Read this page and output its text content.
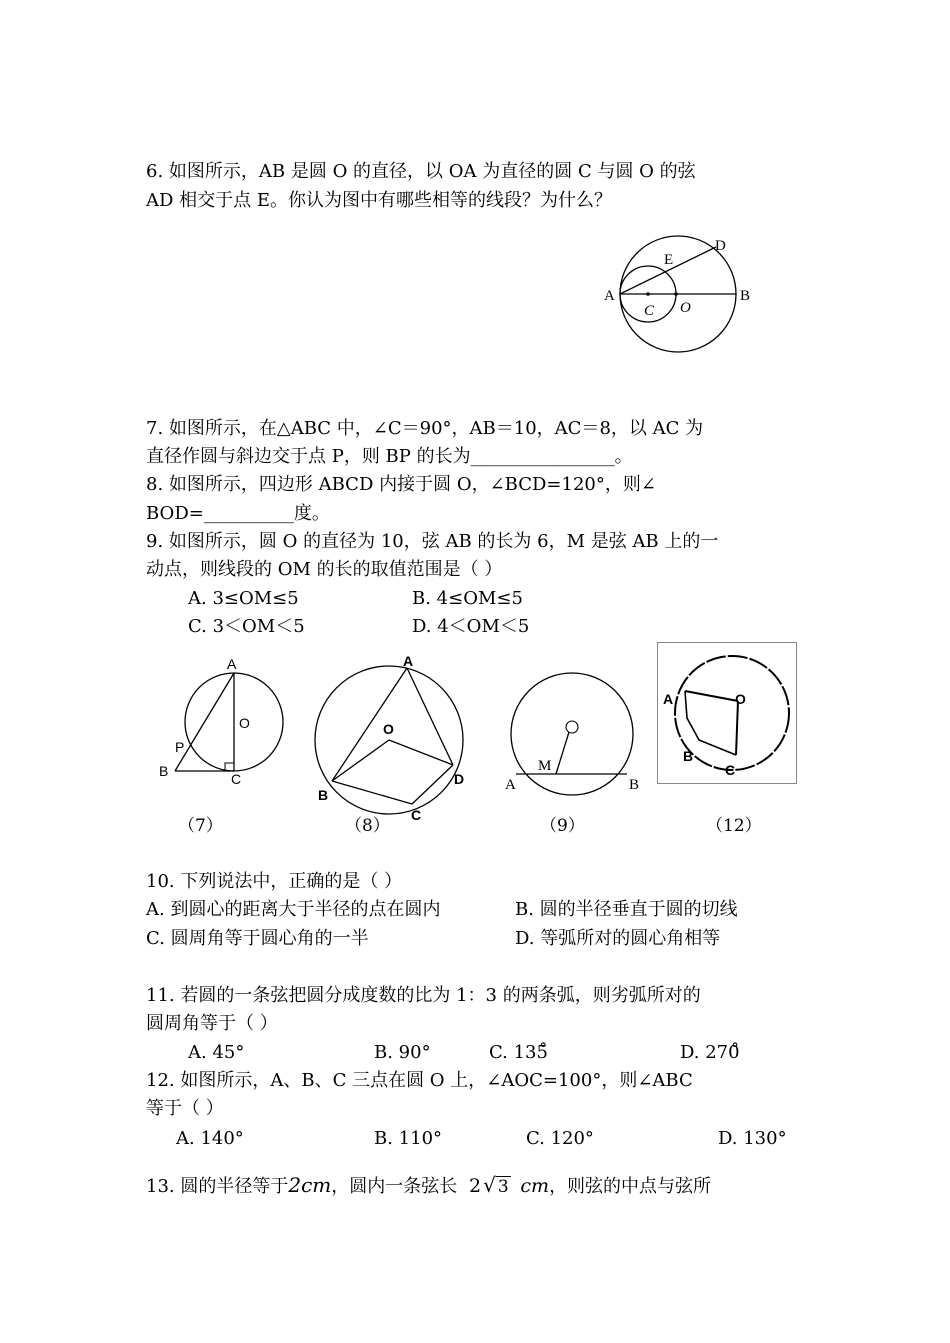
6. 如图所示，AB 是圆 O 的直径，以 OA 为直径的圆 C 与圆 O 的弦
AD 相交于点 E。你认为图中有哪些相等的线段？为什么？
A	B
C
D
E
O
7. 如图所示，在△ABC 中，∠C＝90°，AB＝10，AC＝8，以 AC 为
直径作圆与斜边交于点 P，则 BP 的长为________________。
8. 如图所示，四边形 ABCD 内接于圆 O，∠BCD=120°，则∠
BOD=__________度。
9. 如图所示，圆 O 的直径为 10，弦 AB 的长为 6，M 是弦 AB 上的一
动点，则线段的 OM 的长的取值范围是（ ）
A. 3≤OM≤5	B. 4≤OM≤5
C. 3＜OM＜5	D. 4＜OM＜5
A
B	C
P
O
A
B
C
D
O
A	B
M
A	O
B
C
（7）	（8）	（9）	（12）
10. 下列说法中，正确的是（ ）
A. 到圆心的距离大于半径的点在圆内	B. 圆的半径垂直于圆的切线
C. 圆周角等于圆心角的一半	D. 等弧所对的圆心角相等
11. 若圆的一条弦把圆分成度数的比为 1：3 的两条弧，则劣弧所对的
圆周角等于（ ）
A. 45°	B. 90°	C. 135̊	D. 270̊
12. 如图所示，A、B、C 三点在圆 O 上，∠AOC=100°，则∠ABC
等于（ ）
A. 140°	B. 110°	C. 120°	D. 130°
13. 圆的半径等于2cm，圆内一条弦长 2 √ 3 cm，则弦的中点与弦所
